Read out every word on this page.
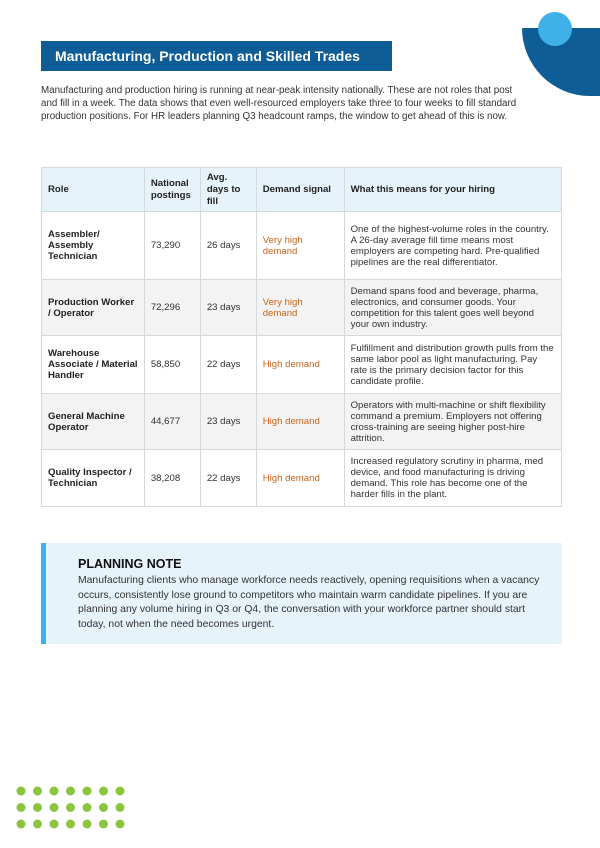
Manufacturing, Production and Skilled Trades

Manufacturing and production hiring is running at near-peak intensity nationally. These are not roles that post and fill in a week. The data shows that even well-resourced employers take three to four weeks to fill standard production positions. For HR leaders planning Q3 headcount ramps, the window to get ahead of this is now.

Role	National postings	Avg. days to fill	Demand signal	What this means for your hiring
Assembler/ Assembly Technician	73,290	26 days	Very high demand	One of the highest-volume roles in the country. A 26-day average fill time means most employers are competing hard. Pre-qualified pipelines are the real differentiator.
Production Worker / Operator	72,296	23 days	Very high demand	Demand spans food and beverage, pharma, electronics, and consumer goods. Your competition for this talent goes well beyond your own industry.
Warehouse Associate / Material Handler	58,850	22 days	High demand	Fulfillment and distribution growth pulls from the same labor pool as light manufacturing. Pay rate is the primary decision factor for this candidate profile.
General Machine Operator	44,677	23 days	High demand	Operators with multi-machine or shift flexibility command a premium. Employers not offering cross-training are seeing higher post-hire attrition.
Quality Inspector / Technician	38,208	22 days	High demand	Increased regulatory scrutiny in pharma, med device, and food manufacturing is driving demand. This role has become one of the harder fills in the plant.
PLANNING NOTE

Manufacturing clients who manage workforce needs reactively, opening requisitions when a vacancy occurs, consistently lose ground to competitors who maintain warm candidate pipelines. If you are planning any volume hiring in Q3 or Q4, the conversation with your workforce partner should start today, not when the need becomes urgent.
